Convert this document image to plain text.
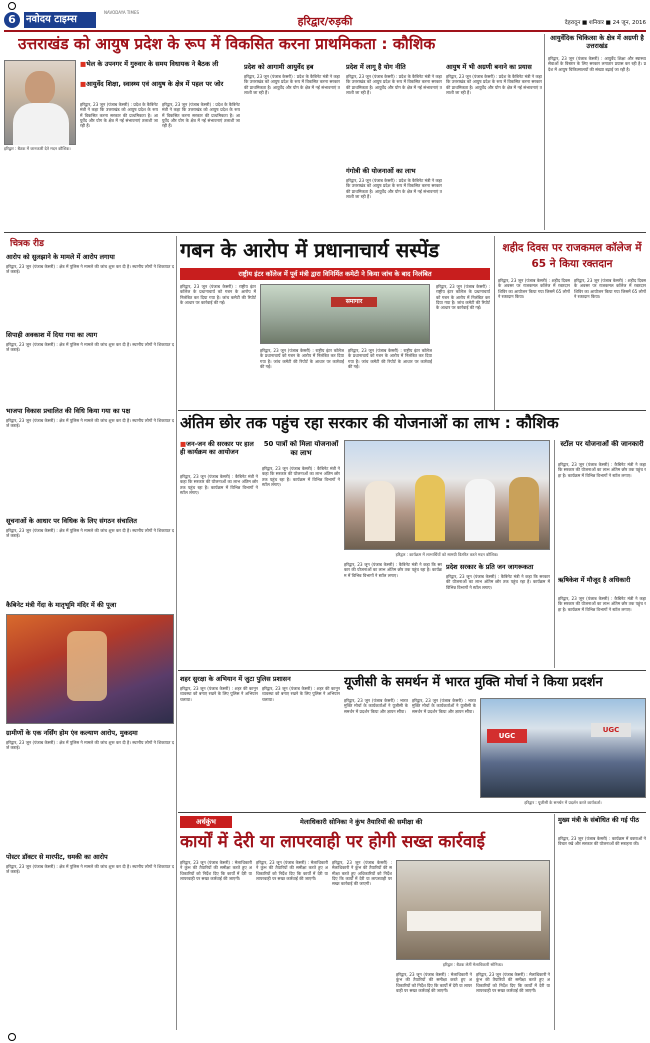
6	नवोदय टाइम्स
NAVODAYA TIMES
हरिद्वार/रुड़की	देहरादून ■ शनिवार ■ 24 जून, 2016
उत्तराखंड को आयुष प्रदेश के रूप में विकसित करना प्राथमिकता : कौशिक
■भेल के उपनगर में गुरुवार के समय विधायक ने बैठक ली
■आयुर्वेद शिक्षा, स्वास्थ्य एवं आयुष के क्षेत्र में पहल पर जोर
हरिद्वार, 23 जून (पंजाब केसरी) : प्रदेश के कैबिनेट मंत्री ने कहा कि उत्तराखंड को आयुष प्रदेश के रूप में विकसित करना सरकार की प्राथमिकता है। आयुर्वेद और योग के क्षेत्र में नई संभावनाएं तलाशी जा रही हैं।
हरिद्वार, 23 जून (पंजाब केसरी) : प्रदेश के कैबिनेट मंत्री ने कहा कि उत्तराखंड को आयुष प्रदेश के रूप में विकसित करना सरकार की प्राथमिकता है। आयुर्वेद और योग के क्षेत्र में नई संभावनाएं तलाशी जा रही हैं।
हरिद्वार : बैठक में जानकारी देते मदन कौशिक।
प्रदेश को आगामी आयुर्वेद हब
हरिद्वार, 23 जून (पंजाब केसरी) : प्रदेश के कैबिनेट मंत्री ने कहा कि उत्तराखंड को आयुष प्रदेश के रूप में विकसित करना सरकार की प्राथमिकता है। आयुर्वेद और योग के क्षेत्र में नई संभावनाएं तलाशी जा रही हैं।
प्रदेश में लागू है योग नीति
हरिद्वार, 23 जून (पंजाब केसरी) : प्रदेश के कैबिनेट मंत्री ने कहा कि उत्तराखंड को आयुष प्रदेश के रूप में विकसित करना सरकार की प्राथमिकता है। आयुर्वेद और योग के क्षेत्र में नई संभावनाएं तलाशी जा रही हैं।
गंगोत्री की योजनाओं का लाभ
हरिद्वार, 23 जून (पंजाब केसरी) : प्रदेश के कैबिनेट मंत्री ने कहा कि उत्तराखंड को आयुष प्रदेश के रूप में विकसित करना सरकार की प्राथमिकता है। आयुर्वेद और योग के क्षेत्र में नई संभावनाएं तलाशी जा रही हैं।
आयुष में भी अग्रणी बनाने का प्रयास
हरिद्वार, 23 जून (पंजाब केसरी) : प्रदेश के कैबिनेट मंत्री ने कहा कि उत्तराखंड को आयुष प्रदेश के रूप में विकसित करना सरकार की प्राथमिकता है। आयुर्वेद और योग के क्षेत्र में नई संभावनाएं तलाशी जा रही हैं।
आयुर्वेदिक चिकित्सा के क्षेत्र में अग्रणी है उत्तराखंड
हरिद्वार, 23 जून (पंजाब केसरी) : आयुर्वेद शिक्षा और स्वास्थ्य सेवाओं के विस्तार के लिए सरकार लगातार प्रयास कर रही है। प्रदेश में आयुष चिकित्सालयों की संख्या बढ़ाई जा रही है।
चित्रक रीड
आरोप को सुलझाने के मामले में आरोप लगाया
हरिद्वार, 23 जून (पंजाब केसरी) : क्षेत्र में पुलिस ने मामले की जांच शुरू कर दी है। स्थानीय लोगों ने शिकायत दर्ज कराई।
सिपाही अवकाश में दिया गया का त्याग
हरिद्वार, 23 जून (पंजाब केसरी) : क्षेत्र में पुलिस ने मामले की जांच शुरू कर दी है। स्थानीय लोगों ने शिकायत दर्ज कराई।
भाजपा विकास प्रचालित की विधि किया गया का पक्ष
हरिद्वार, 23 जून (पंजाब केसरी) : क्षेत्र में पुलिस ने मामले की जांच शुरू कर दी है। स्थानीय लोगों ने शिकायत दर्ज कराई।
सूचनाओं के आधार पर विधिक के लिए संगठन संचालित
हरिद्वार, 23 जून (पंजाब केसरी) : क्षेत्र में पुलिस ने मामले की जांच शुरू कर दी है। स्थानीय लोगों ने शिकायत दर्ज कराई।
कैबिनेट मंत्री गेंदा के मातृभूमि मंदिर में की पूजा
ग्रामीणों के एक नर्सिंग होम एंव कल्याण आरोप, मुकदमा
हरिद्वार, 23 जून (पंजाब केसरी) : क्षेत्र में पुलिस ने मामले की जांच शुरू कर दी है। स्थानीय लोगों ने शिकायत दर्ज कराई।
पोस्टर डॉक्टर से मारपीट, धमकी का आरोप
हरिद्वार, 23 जून (पंजाब केसरी) : क्षेत्र में पुलिस ने मामले की जांच शुरू कर दी है। स्थानीय लोगों ने शिकायत दर्ज कराई।
गबन के आरोप में प्रधानाचार्य सस्पेंड
राष्ट्रीय इंटर कॉलेज में पूर्व मंत्री द्वारा विनिर्मित कमेटी ने किया जांच के बाद निलंबित
हरिद्वार, 23 जून (पंजाब केसरी) : राष्ट्रीय इंटर कॉलेज के प्रधानाचार्य को गबन के आरोप में निलंबित कर दिया गया है। जांच कमेटी की रिपोर्ट के आधार पर कार्रवाई की गई।	समागार
हरिद्वार, 23 जून (पंजाब केसरी) : राष्ट्रीय इंटर कॉलेज के प्रधानाचार्य को गबन के आरोप में निलंबित कर दिया गया है। जांच कमेटी की रिपोर्ट के आधार पर कार्रवाई की गई।
हरिद्वार, 23 जून (पंजाब केसरी) : राष्ट्रीय इंटर कॉलेज के प्रधानाचार्य को गबन के आरोप में निलंबित कर दिया गया है। जांच कमेटी की रिपोर्ट के आधार पर कार्रवाई की गई।
हरिद्वार, 23 जून (पंजाब केसरी) : राष्ट्रीय इंटर कॉलेज के प्रधानाचार्य को गबन के आरोप में निलंबित कर दिया गया है। जांच कमेटी की रिपोर्ट के आधार पर कार्रवाई की गई।
शहीद दिवस पर राजकमल कॉलेज में 65 ने किया रक्तदान
हरिद्वार, 23 जून (पंजाब केसरी) : शहीद दिवस के अवसर पर राजकमल कॉलेज में रक्तदान शिविर का आयोजन किया गया जिसमें 65 लोगों ने रक्तदान किया।
हरिद्वार, 23 जून (पंजाब केसरी) : शहीद दिवस के अवसर पर राजकमल कॉलेज में रक्तदान शिविर का आयोजन किया गया जिसमें 65 लोगों ने रक्तदान किया।
अंतिम छोर तक पहुंच रहा सरकार की योजनाओं का लाभ : कौशिक
■जन-जन की सरकार पर हाल ही कार्यक्रम का आयोजन
हरिद्वार, 23 जून (पंजाब केसरी) : कैबिनेट मंत्री ने कहा कि सरकार की योजनाओं का लाभ अंतिम छोर तक पहुंच रहा है। कार्यक्रम में विभिन्न विभागों ने स्टॉल लगाए।
50 पात्रों को मिला योजनाओं का लाभ
हरिद्वार, 23 जून (पंजाब केसरी) : कैबिनेट मंत्री ने कहा कि सरकार की योजनाओं का लाभ अंतिम छोर तक पहुंच रहा है। कार्यक्रम में विभिन्न विभागों ने स्टॉल लगाए।
हरिद्वार : कार्यक्रम में लाभार्थियों को सामग्री वितरित करते मदन कौशिक।
हरिद्वार, 23 जून (पंजाब केसरी) : कैबिनेट मंत्री ने कहा कि सरकार की योजनाओं का लाभ अंतिम छोर तक पहुंच रहा है। कार्यक्रम में विभिन्न विभागों ने स्टॉल लगाए।
प्रदेश सरकार के प्रति जन जागरूकता
हरिद्वार, 23 जून (पंजाब केसरी) : कैबिनेट मंत्री ने कहा कि सरकार की योजनाओं का लाभ अंतिम छोर तक पहुंच रहा है। कार्यक्रम में विभिन्न विभागों ने स्टॉल लगाए।
स्टॉल पर योजनाओं की जानकारी
हरिद्वार, 23 जून (पंजाब केसरी) : कैबिनेट मंत्री ने कहा कि सरकार की योजनाओं का लाभ अंतिम छोर तक पहुंच रहा है। कार्यक्रम में विभिन्न विभागों ने स्टॉल लगाए।
ऋषिकेश में मौजूद है अधिकारी
हरिद्वार, 23 जून (पंजाब केसरी) : कैबिनेट मंत्री ने कहा कि सरकार की योजनाओं का लाभ अंतिम छोर तक पहुंच रहा है। कार्यक्रम में विभिन्न विभागों ने स्टॉल लगाए।
शहर सुरक्षा के अभियान में जुटा पुलिस प्रशासन
हरिद्वार, 23 जून (पंजाब केसरी) : शहर की कानून व्यवस्था को बनाए रखने के लिए पुलिस ने अभियान चलाया।
हरिद्वार, 23 जून (पंजाब केसरी) : शहर की कानून व्यवस्था को बनाए रखने के लिए पुलिस ने अभियान चलाया।
यूजीसी के समर्थन में भारत मुक्ति मोर्चा ने किया प्रदर्शन
हरिद्वार, 23 जून (पंजाब केसरी) : भारत मुक्ति मोर्चा के कार्यकर्ताओं ने यूजीसी के समर्थन में प्रदर्शन किया और ज्ञापन सौंपा।
हरिद्वार, 23 जून (पंजाब केसरी) : भारत मुक्ति मोर्चा के कार्यकर्ताओं ने यूजीसी के समर्थन में प्रदर्शन किया और ज्ञापन सौंपा।
UGC
UGC
हरिद्वार : यूजीसी के समर्थन में प्रदर्शन करते कार्यकर्ता।
अर्धकुंभ	मेलाधिकारी सोनिका ने कुंभ तैयारियों की समीक्षा की
कार्यों में देरी या लापरवाही पर होगी सख्त कार्रवाई
हरिद्वार, 23 जून (पंजाब केसरी) : मेलाधिकारी ने कुंभ की तैयारियों की समीक्षा करते हुए अधिकारियों को निर्देश दिए कि कार्यों में देरी या लापरवाही पर सख्त कार्रवाई की जाएगी।
हरिद्वार, 23 जून (पंजाब केसरी) : मेलाधिकारी ने कुंभ की तैयारियों की समीक्षा करते हुए अधिकारियों को निर्देश दिए कि कार्यों में देरी या लापरवाही पर सख्त कार्रवाई की जाएगी।
हरिद्वार, 23 जून (पंजाब केसरी) : मेलाधिकारी ने कुंभ की तैयारियों की समीक्षा करते हुए अधिकारियों को निर्देश दिए कि कार्यों में देरी या लापरवाही पर सख्त कार्रवाई की जाएगी।
हरिद्वार : बैठक लेतीं मेलाधिकारी सोनिका।
हरिद्वार, 23 जून (पंजाब केसरी) : मेलाधिकारी ने कुंभ की तैयारियों की समीक्षा करते हुए अधिकारियों को निर्देश दिए कि कार्यों में देरी या लापरवाही पर सख्त कार्रवाई की जाएगी।
हरिद्वार, 23 जून (पंजाब केसरी) : मेलाधिकारी ने कुंभ की तैयारियों की समीक्षा करते हुए अधिकारियों को निर्देश दिए कि कार्यों में देरी या लापरवाही पर सख्त कार्रवाई की जाएगी।
मुख्य मंत्री के संबोधित की गई पीठ
हरिद्वार, 23 जून (पंजाब केसरी) : कार्यक्रम में वक्ताओं ने विचार रखे और सरकार की योजनाओं की सराहना की।
